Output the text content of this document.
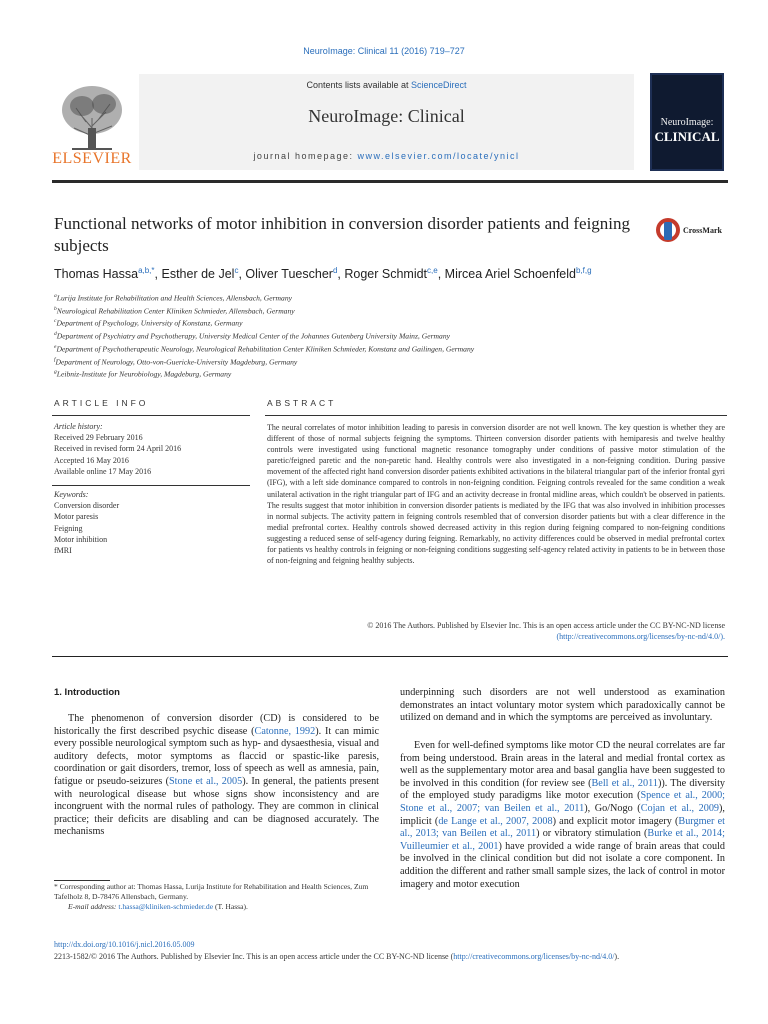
NeuroImage: Clinical 11 (2016) 719–727
ELSEVIER
Contents lists available at ScienceDirect
NeuroImage: Clinical
journal homepage: www.elsevier.com/locate/ynicl
NeuroImage:
CLINICAL
Functional networks of motor inhibition in conversion disorder patients and feigning subjects
CrossMark
Thomas Hassa$^{a,b,*}$, Esther de Jel$^c$, Oliver Tuescher$^d$, Roger Schmidt$^{c,e}$, Mircea Ariel Schoenfeld$^{b,f,g}$
$^a$Lurija Institute for Rehabilitation and Health Sciences, Allensbach, Germany
$^b$Neurological Rehabilitation Center Kliniken Schmieder, Allensbach, Germany
$^c$Department of Psychology, University of Konstanz, Germany
$^d$Department of Psychiatry and Psychotherapy, University Medical Center of the Johannes Gutenberg University Mainz, Germany
$^e$Department of Psychotherapeutic Neurology, Neurological Rehabilitation Center Kliniken Schmieder, Konstanz and Gailingen, Germany
$^f$Department of Neurology, Otto-von-Guericke-University Magdeburg, Germany
$^g$Leibniz-Institute for Neurobiology, Magdeburg, Germany
ARTICLE INFO	ABSTRACT
Article history:
Received 29 February 2016
Received in revised form 24 April 2016
Accepted 16 May 2016
Available online 17 May 2016
Keywords:
Conversion disorder
Motor paresis
Feigning
Motor inhibition
fMRI
The neural correlates of motor inhibition leading to paresis in conversion disorder are not well known. The key question is whether they are different of those of normal subjects feigning the symptoms. Thirteen conversion disorder patients with hemiparesis and twelve healthy controls were investigated using functional magnetic resonance tomography under conditions of passive motor stimulation of the paretic/feigned paretic and the non-paretic hand. Healthy controls were also investigated in a non-feigning condition. During passive movement of the affected right hand conversion disorder patients exhibited activations in the bilateral triangular part of the inferior frontal gyri (IFG), with a left side dominance compared to controls in non-feigning condition. Feigning controls revealed for the same condition a weak unilateral activation in the right triangular part of IFG and an activity decrease in frontal midline areas, which couldn't be observed in patients. The results suggest that motor inhibition in conversion disorder patients is mediated by the IFG that was also involved in inhibition processes in normal subjects. The activity pattern in feigning controls resembled that of conversion disorder patients but with a clear difference in the medial prefrontal cortex. Healthy controls showed decreased activity in this region during feigning compared to non-feigning conditions suggesting a reduced sense of self-agency during feigning. Remarkably, no activity differences could be observed in medial prefrontal cortex for patients vs healthy controls in feigning or non-feigning conditions suggesting self-agency related activity in patients to be in between those of non-feigning and feigning healthy subjects.
© 2016 The Authors. Published by Elsevier Inc. This is an open access article under the CC BY-NC-ND license
(http://creativecommons.org/licenses/by-nc-nd/4.0/).
1. Introduction
The phenomenon of conversion disorder (CD) is considered to be historically the first described psychic disease (Catonne, 1992). It can mimic every possible neurological symptom such as hyp- and dysaesthesia, visual and auditory defects, motor symptoms as flaccid or spastic-like paresis, coordination or gait disorders, tremor, loss of speech as well as amnesia, pain, fatigue or pseudo-seizures (Stone et al., 2005). In general, the patients present with neurological disease but whose signs show inconsistency and are incongruent with the normal rules of pathology. They are common in clinical practice; their deficits are disabling and can be diagnosed accurately. The mechanisms
underpinning such disorders are not well understood as examination demonstrates an intact voluntary motor system which paradoxically cannot be utilized on demand and in which the symptoms are perceived as involuntary.
Even for well-defined symptoms like motor CD the neural correlates are far from being understood. Brain areas in the lateral and medial frontal cortex as well as the supplementary motor area and basal ganglia have been suggested to be involved in this condition (for review see (Bell et al., 2011)). The diversity of the employed study paradigms like motor execution (Spence et al., 2000; Stone et al., 2007; van Beilen et al., 2011), Go/Nogo (Cojan et al., 2009), implicit (de Lange et al., 2007, 2008) and explicit motor imagery (Burgmer et al., 2013; van Beilen et al., 2011) or vibratory stimulation (Burke et al., 2014; Vuilleumier et al., 2001) have provided a wide range of brain areas that could be involved in the clinical condition but did not isolate a core component. In addition the different and rather small sample sizes, the lack of control in motor imagery and motor execution
* Corresponding author at: Thomas Hassa, Lurija Institute for Rehabilitation and Health Sciences, Zum Tafelholz 8, D-78476 Allensbach, Germany.
E-mail address: t.hassa@kliniken-schmieder.de (T. Hassa).
http://dx.doi.org/10.1016/j.nicl.2016.05.009
2213-1582/© 2016 The Authors. Published by Elsevier Inc. This is an open access article under the CC BY-NC-ND license (http://creativecommons.org/licenses/by-nc-nd/4.0/).
